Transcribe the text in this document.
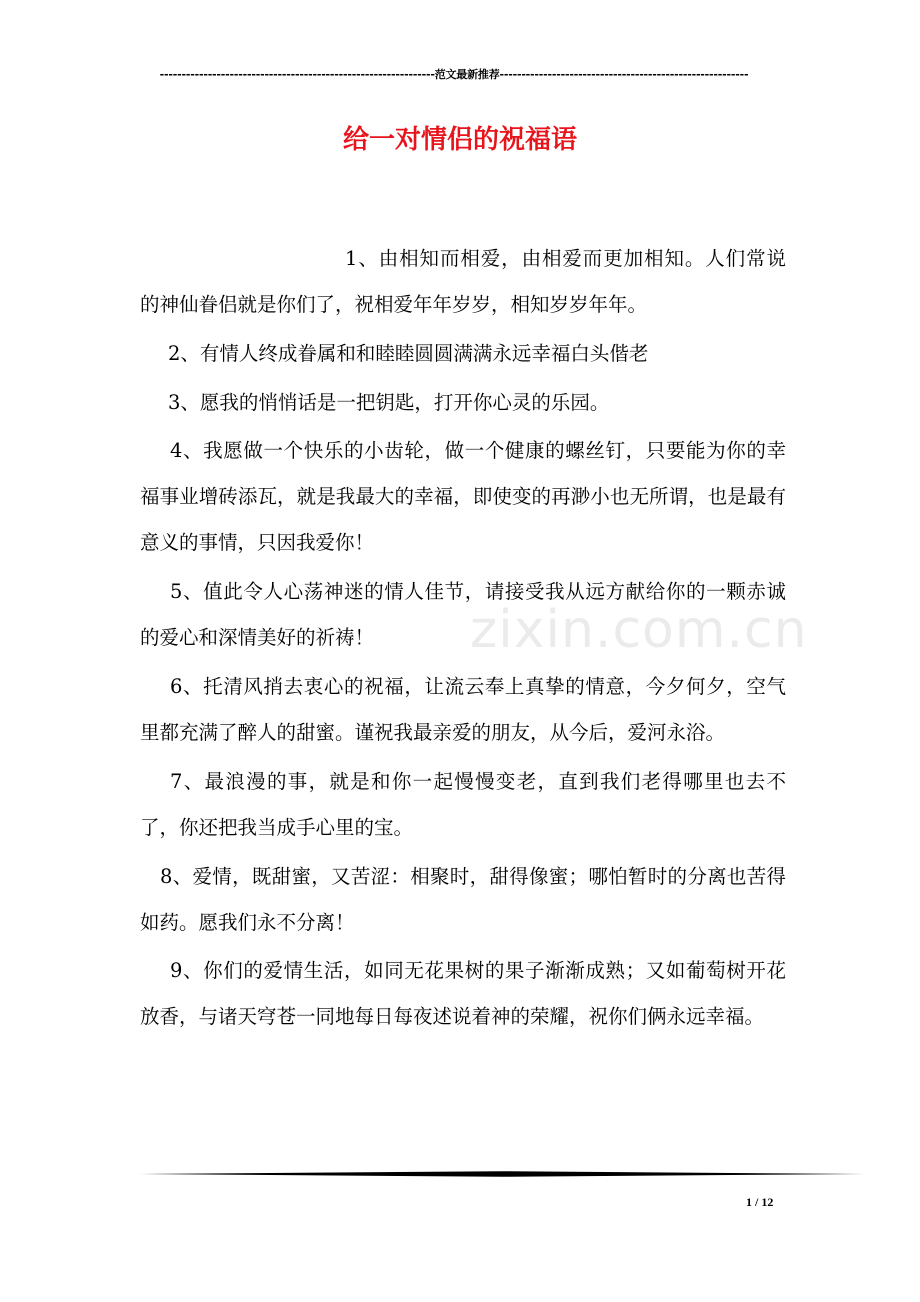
---------------------------------------------------------------范文最新推荐---------------------------------------------------------
给一对情侣的祝福语
zixin.com.cn

1、由相知而相爱，由相爱而更加相知。人们常说的神仙眷侣就是你们了，祝相爱年年岁岁，相知岁岁年年。

2、有情人终成眷属和和睦睦圆圆满满永远幸福白头偕老

3、愿我的悄悄话是一把钥匙，打开你心灵的乐园。

4、我愿做一个快乐的小齿轮，做一个健康的螺丝钉，只要能为你的幸福事业增砖添瓦，就是我最大的幸福，即使变的再渺小也无所谓，也是最有意义的事情，只因我爱你！

5、值此令人心荡神迷的情人佳节，请接受我从远方献给你的一颗赤诚的爱心和深情美好的祈祷！

6、托清风捎去衷心的祝福，让流云奉上真挚的情意，今夕何夕，空气里都充满了醉人的甜蜜。谨祝我最亲爱的朋友，从今后，爱河永浴。

7、最浪漫的事，就是和你一起慢慢变老，直到我们老得哪里也去不了，你还把我当成手心里的宝。

8、爱情，既甜蜜，又苦涩：相聚时，甜得像蜜；哪怕暂时的分离也苦得如药。愿我们永不分离！

9、你们的爱情生活，如同无花果树的果子渐渐成熟；又如葡萄树开花放香，与诸天穹苍一同地每日每夜述说着神的荣耀，祝你们俩永远幸福。

1 / 12
